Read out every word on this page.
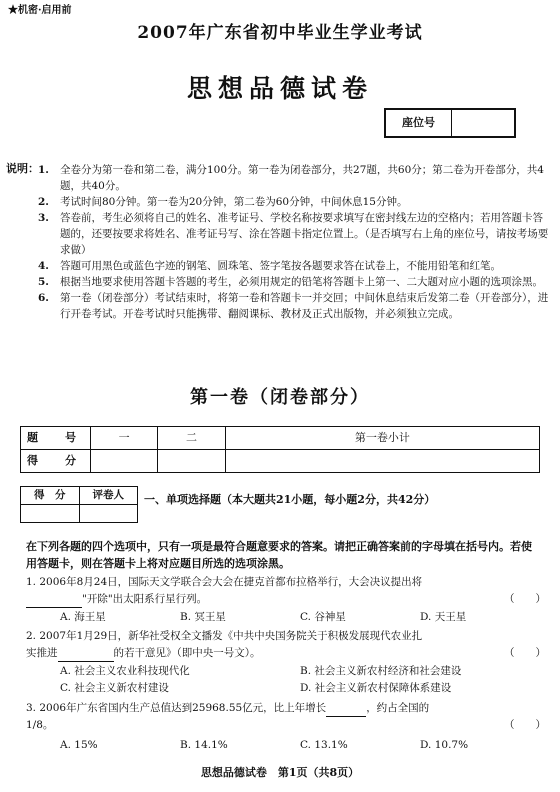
★机密·启用前
2007年广东省初中毕业生学业考试
思想品德试卷
座位号
说明： 1.	全卷分为第一卷和第二卷，满分100分。第一卷为闭卷部分，共27题，共60分；第二卷为开卷部分，共4题，共40分。
2.	考试时间80分钟。第一卷为20分钟，第二卷为60分钟，中间休息15分钟。
3.	答卷前，考生必须将自己的姓名、准考证号、学校名称按要求填写在密封线左边的空格内；若用答题卡答题的，还要按要求将姓名、准考证号写、涂在答题卡指定位置上。（是否填写右上角的座位号，请按考场要求做）
4.	答题可用黑色或蓝色字迹的钢笔、圆珠笔、签字笔按各题要求答在试卷上，不能用铅笔和红笔。
5.	根据当地要求使用答题卡答题的考生，必须用规定的铅笔将答题卡上第一、二大题对应小题的选项涂黑。
6.	第一卷（闭卷部分）考试结束时，将第一卷和答题卡一并交回；中间休息结束后发第二卷（开卷部分），进行开卷考试。开卷考试时只能携带、翻阅课标、教材及正式出版物，并必须独立完成。
第一卷（闭卷部分）
题　号	一	二	第一卷小计
得　分			
得　分	评卷人
	一、单项选择题（本大题共21小题，每小题2分，共42分）
在下列各题的四个选项中，只有一项是最符合题意要求的答案。请把正确答案前的字母填在括号内。若使用答题卡，则在答题卡上将对应题目所选的选项涂黑。
1. 2006年8月24日，国际天文学联合会大会在捷克首都布拉格举行，大会决议提出将
"开除"出太阳系行星行列。	（　　）
A. 海王星	B. 冥王星	C. 谷神星	D. 天王星
2. 2007年1月29日，新华社受权全文播发《中共中央国务院关于积极发展现代农业扎
实推进	的若干意见》（即中央一号文）。	（　　）
A. 社会主义农业科技现代化	B. 社会主义新农村经济和社会建设
C. 社会主义新农村建设	D. 社会主义新农村保障体系建设
3. 2006年广东省国内生产总值达到25968.55亿元，比上年增长	，约占全国的
1/8。	（　　）
A. 15%	B. 14.1%	C. 13.1%	D. 10.7%
思想品德试卷　第1页（共8页）
